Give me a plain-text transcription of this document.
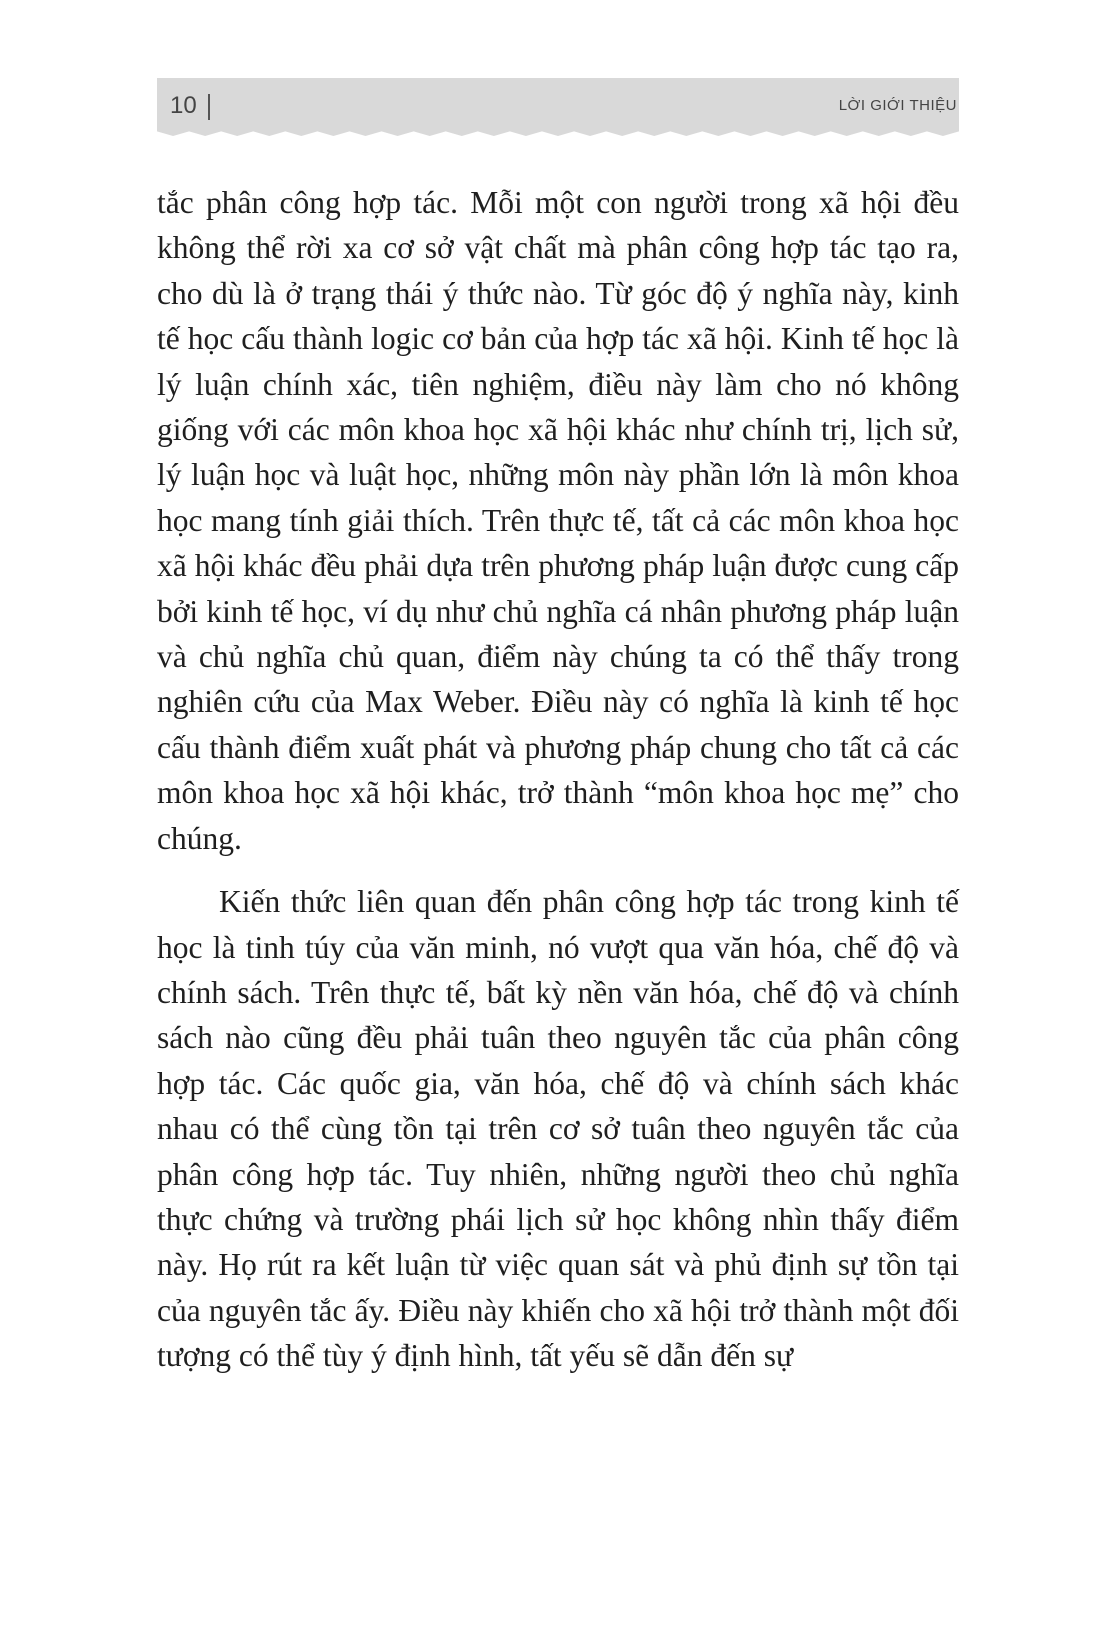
10	LỜI GIỚI THIỆU

tắc phân công hợp tác. Mỗi một con người trong xã hội đều không thể rời xa cơ sở vật chất mà phân công hợp tác tạo ra, cho dù là ở trạng thái ý thức nào. Từ góc độ ý nghĩa này, kinh tế học cấu thành logic cơ bản của hợp tác xã hội. Kinh tế học là lý luận chính xác, tiên nghiệm, điều này làm cho nó không giống với các môn khoa học xã hội khác như chính trị, lịch sử, lý luận học và luật học, những môn này phần lớn là môn khoa học mang tính giải thích. Trên thực tế, tất cả các môn khoa học xã hội khác đều phải dựa trên phương pháp luận được cung cấp bởi kinh tế học, ví dụ như chủ nghĩa cá nhân phương pháp luận và chủ nghĩa chủ quan, điểm này chúng ta có thể thấy trong nghiên cứu của Max Weber. Điều này có nghĩa là kinh tế học cấu thành điểm xuất phát và phương pháp chung cho tất cả các môn khoa học xã hội khác, trở thành “môn khoa học mẹ” cho chúng.

Kiến thức liên quan đến phân công hợp tác trong kinh tế học là tinh túy của văn minh, nó vượt qua văn hóa, chế độ và chính sách. Trên thực tế, bất kỳ nền văn hóa, chế độ và chính sách nào cũng đều phải tuân theo nguyên tắc của phân công hợp tác. Các quốc gia, văn hóa, chế độ và chính sách khác nhau có thể cùng tồn tại trên cơ sở tuân theo nguyên tắc của phân công hợp tác. Tuy nhiên, những người theo chủ nghĩa thực chứng và trường phái lịch sử học không nhìn thấy điểm này. Họ rút ra kết luận từ việc quan sát và phủ định sự tồn tại của nguyên tắc ấy. Điều này khiến cho xã hội trở thành một đối tượng có thể tùy ý định hình, tất yếu sẽ dẫn đến sự
